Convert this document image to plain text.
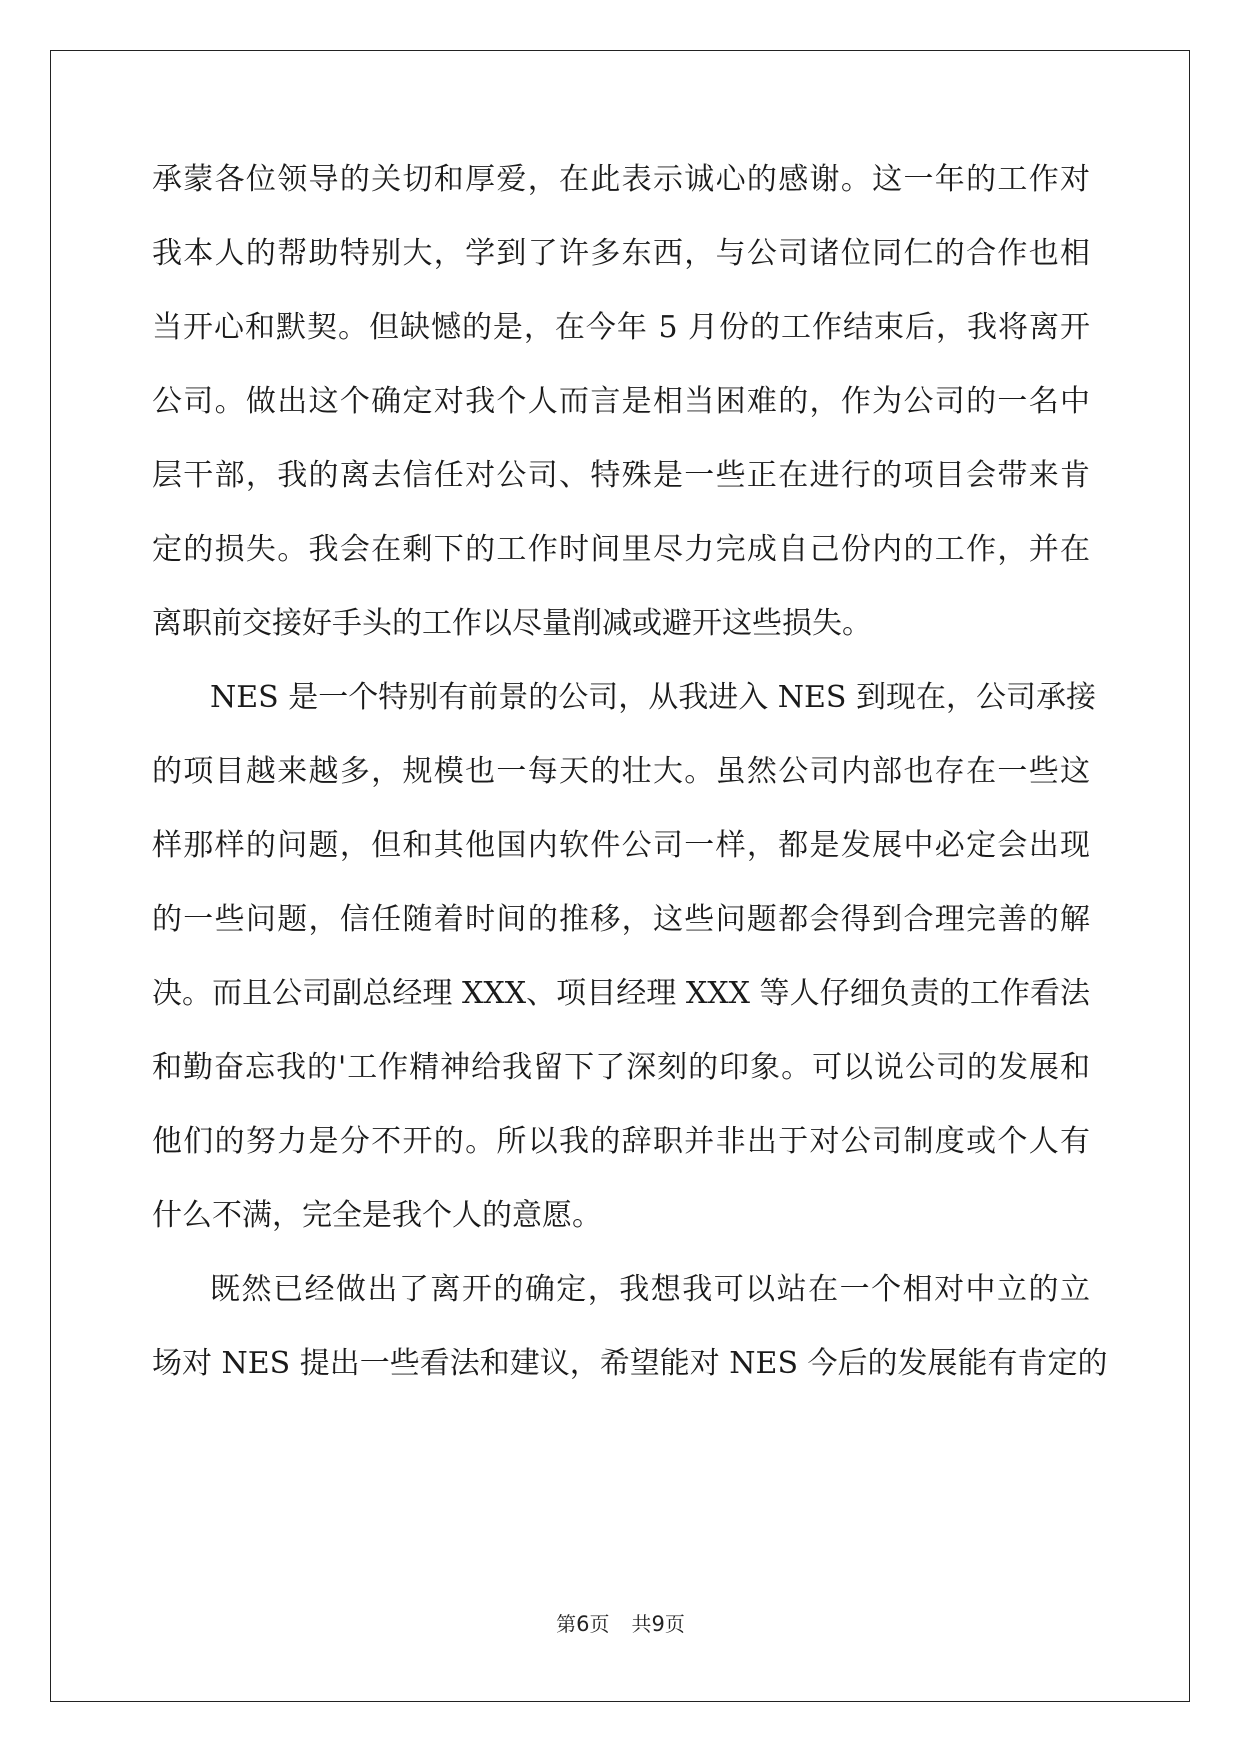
承蒙各位领导的关切和厚爱，在此表示诚心的感谢。这一年的工作对
我本人的帮助特别大，学到了许多东西，与公司诸位同仁的合作也相
当开心和默契。但缺憾的是，在今年 5 月份的工作结束后，我将离开
公司。做出这个确定对我个人而言是相当困难的，作为公司的一名中
层干部，我的离去信任对公司、特殊是一些正在进行的项目会带来肯
定的损失。我会在剩下的工作时间里尽力完成自己份内的工作，并在
离职前交接好手头的工作以尽量削减或避开这些损失。
NES 是一个特别有前景的公司，从我进入 NES 到现在，公司承接
的项目越来越多，规模也一每天的壮大。虽然公司内部也存在一些这
样那样的问题，但和其他国内软件公司一样，都是发展中必定会出现
的一些问题，信任随着时间的推移，这些问题都会得到合理完善的解
决。而且公司副总经理 XXX、项目经理 XXX 等人仔细负责的工作看法
和勤奋忘我的'工作精神给我留下了深刻的印象。可以说公司的发展和
他们的努力是分不开的。所以我的辞职并非出于对公司制度或个人有
什么不满，完全是我个人的意愿。
既然已经做出了离开的确定，我想我可以站在一个相对中立的立
场对 NES 提出一些看法和建议，希望能对 NES 今后的发展能有肯定的
第6页 共9页
